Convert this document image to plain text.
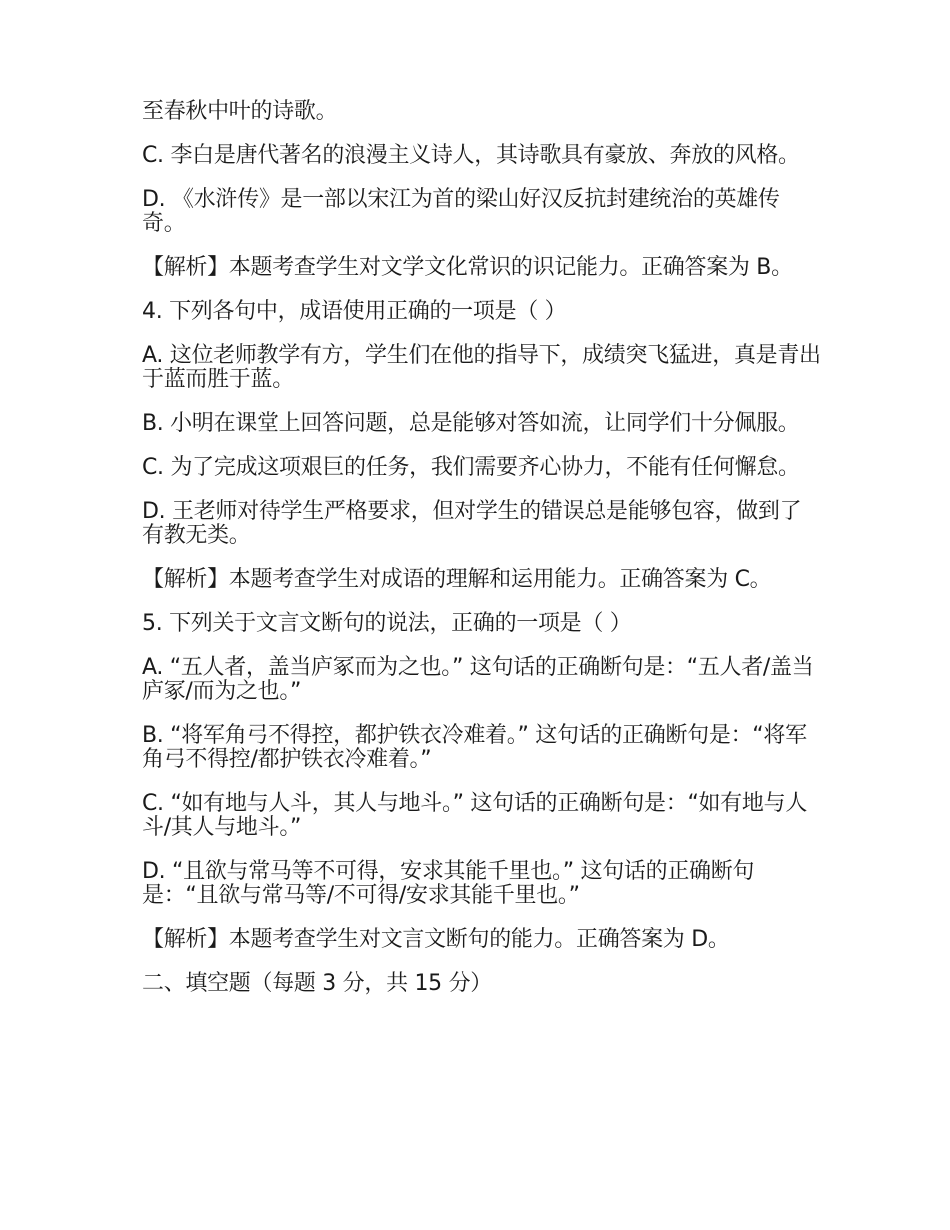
至春秋中叶的诗歌。

C. 李白是唐代著名的浪漫主义诗人，其诗歌具有豪放、奔放的风格。

D. 《水浒传》是一部以宋江为首的梁山好汉反抗封建统治的英雄传奇。

【解析】本题考查学生对文学文化常识的识记能力。正确答案为 B。

4. 下列各句中，成语使用正确的一项是（ ）

A. 这位老师教学有方，学生们在他的指导下，成绩突飞猛进，真是青出于蓝而胜于蓝。

B. 小明在课堂上回答问题，总是能够对答如流，让同学们十分佩服。

C. 为了完成这项艰巨的任务，我们需要齐心协力，不能有任何懈怠。

D. 王老师对待学生严格要求，但对学生的错误总是能够包容，做到了有教无类。

【解析】本题考查学生对成语的理解和运用能力。正确答案为 C。

5. 下列关于文言文断句的说法，正确的一项是（ ）

A. “五人者，盖当庐冢而为之也。” 这句话的正确断句是：“五人者/盖当庐冢/而为之也。”

B. “将军角弓不得控，都护铁衣冷难着。” 这句话的正确断句是：“将军角弓不得控/都护铁衣冷难着。”

C. “如有地与人斗，其人与地斗。” 这句话的正确断句是：“如有地与人斗/其人与地斗。”

D. “且欲与常马等不可得，安求其能千里也。” 这句话的正确断句是：“且欲与常马等/不可得/安求其能千里也。”

【解析】本题考查学生对文言文断句的能力。正确答案为 D。

二、填空题（每题 3 分，共 15 分）
